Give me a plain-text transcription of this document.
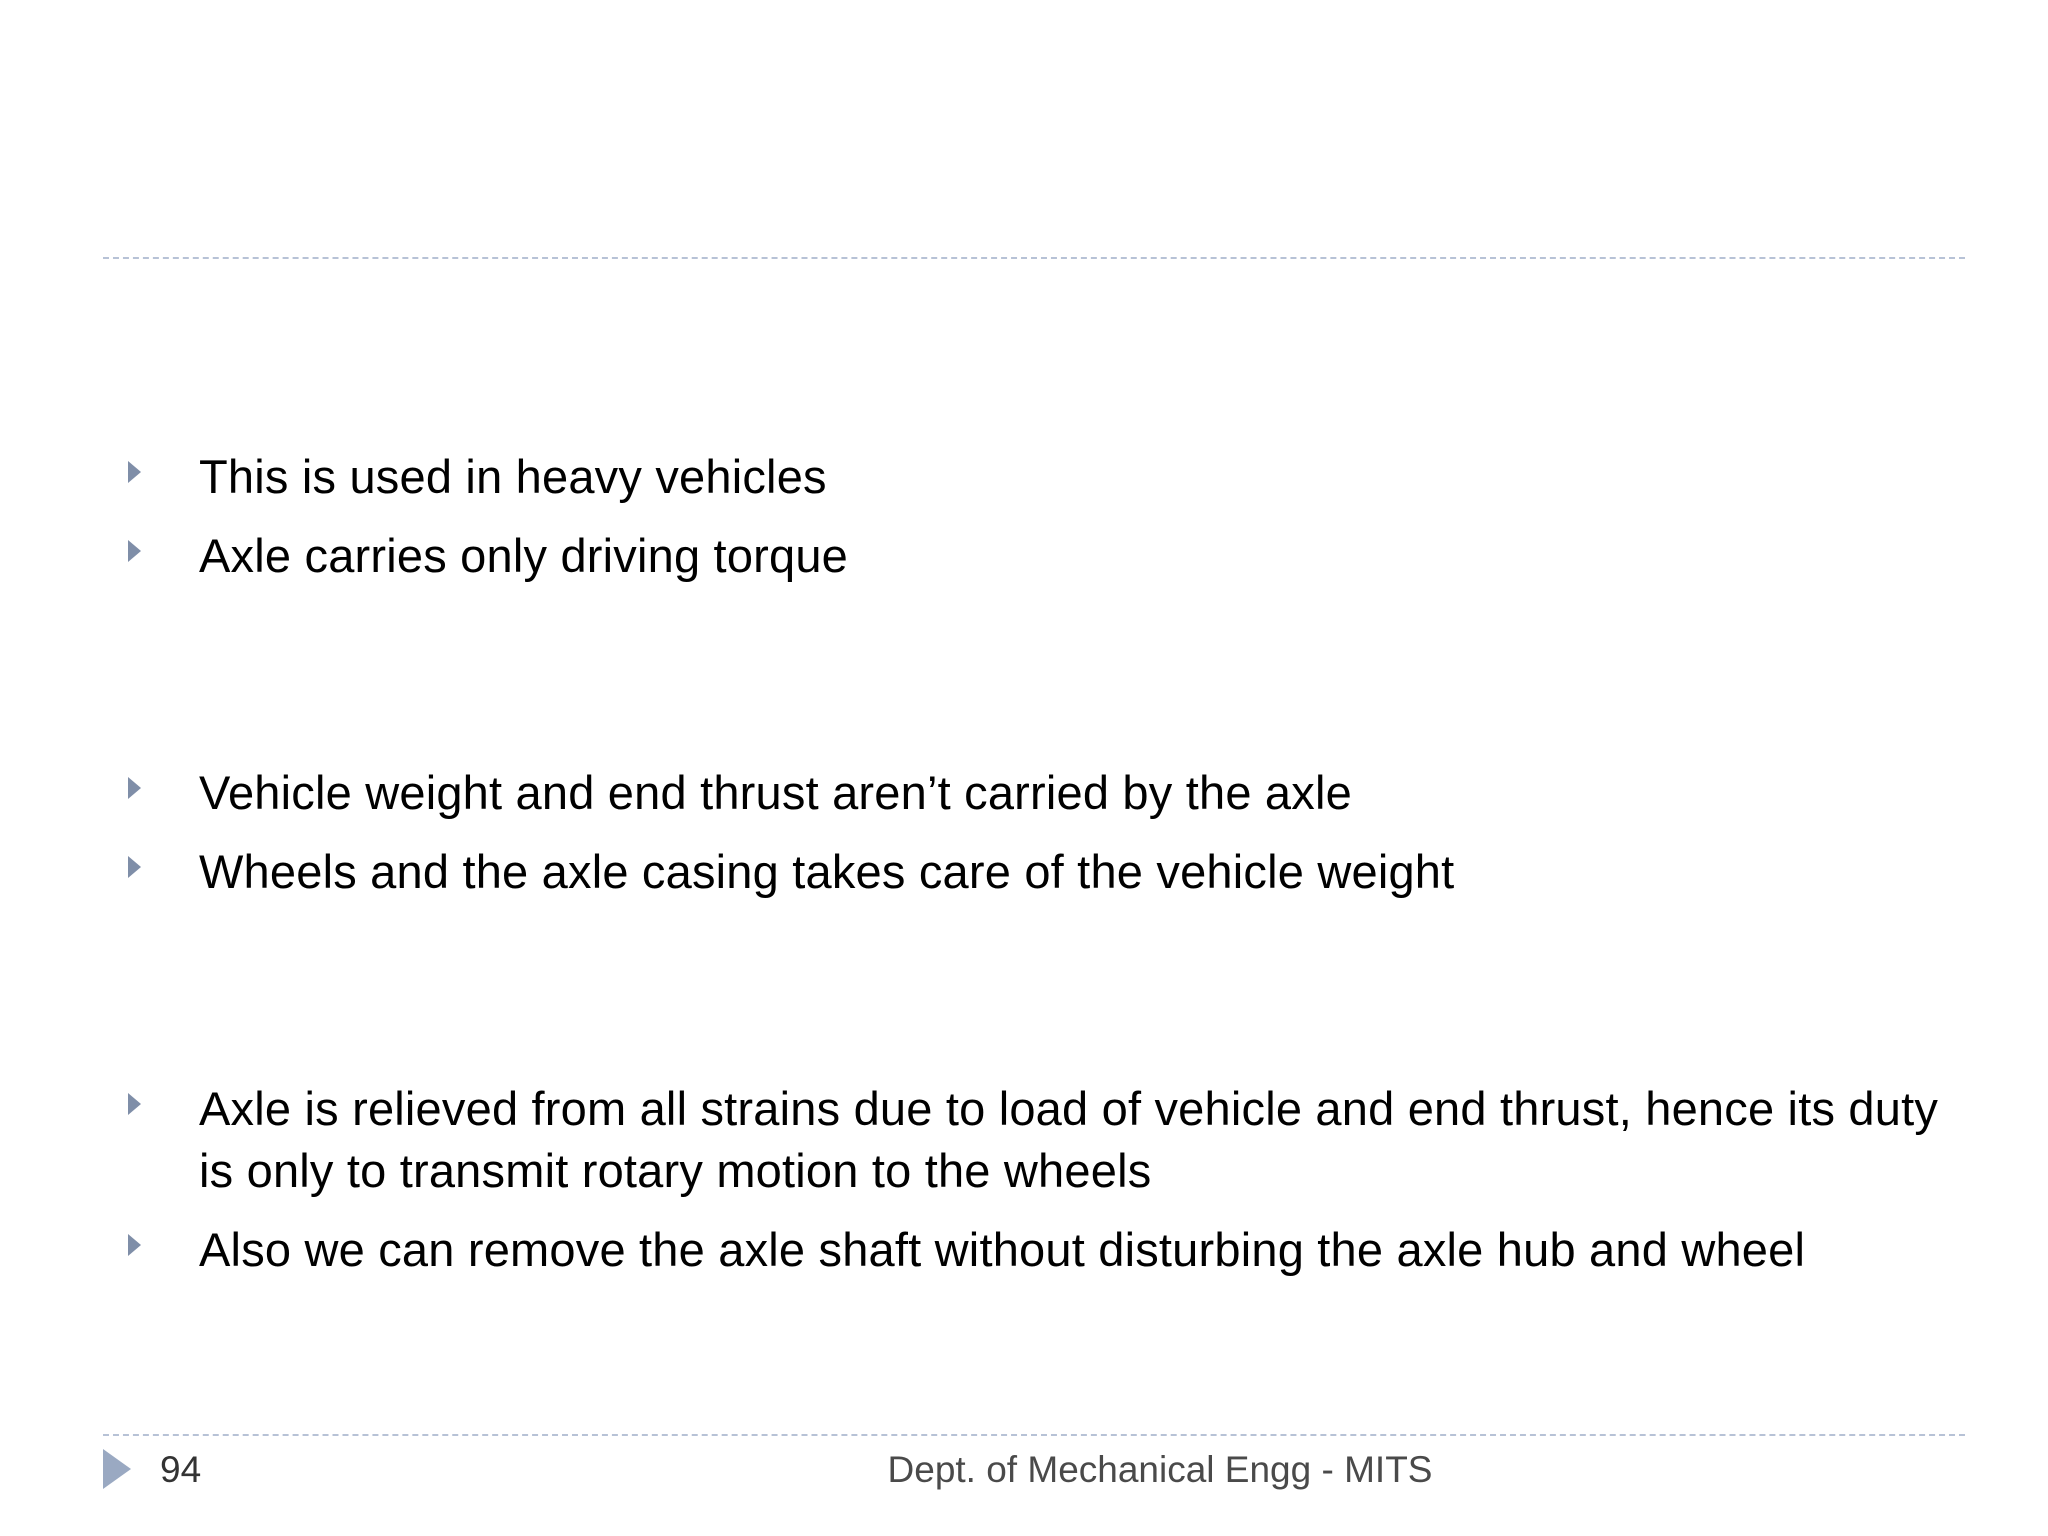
This is used in heavy vehicles
Axle carries only driving torque
Vehicle weight and end thrust aren’t carried by the axle
Wheels and the axle casing takes care of the vehicle weight
Axle is relieved from all strains due to load of vehicle and end thrust, hence its duty is only to transmit rotary motion to the wheels
Also we can remove the axle shaft without disturbing the axle hub and wheel
94	Dept. of Mechanical Engg - MITS
